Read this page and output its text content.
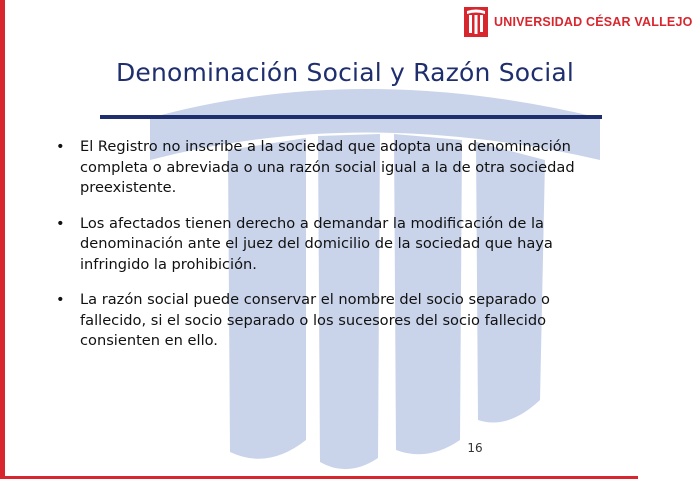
UNIVERSIDAD CÉSAR VALLEJO
Denominación Social y Razón Social
• El Registro no inscribe a la sociedad que adopta una denominación completa o abreviada o una razón social igual a la de otra sociedad preexistente.
• Los afectados tienen derecho a demandar la modificación de la denominación ante el juez del domicilio de la sociedad que haya infringido la prohibición.
• La razón social puede conservar el nombre del socio separado o fallecido, si el socio separado o los sucesores del socio fallecido consienten en ello.
16
